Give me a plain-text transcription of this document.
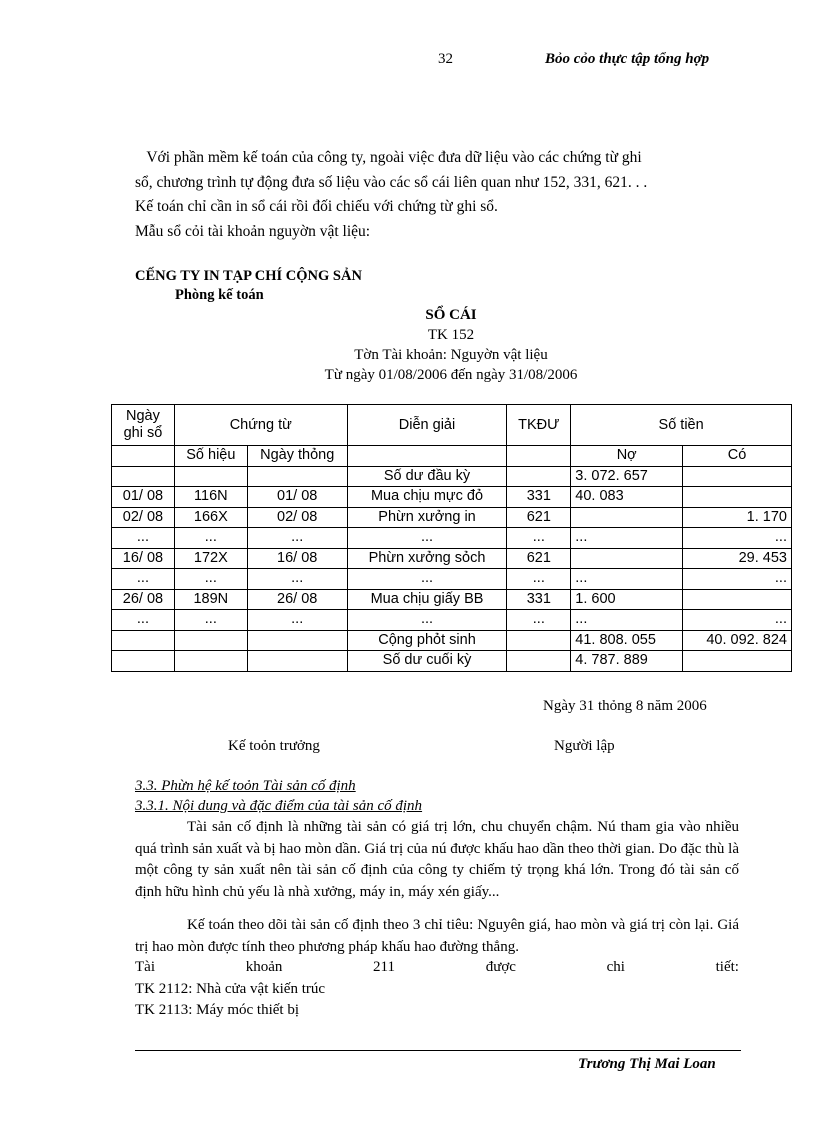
32	Bỏo cỏo thực tập tổng hợp
Với phần mềm kế toán của công ty, ngoài việc đưa dữ liệu vào các chứng từ ghi
sổ, chương trình tự động đưa số liệu vào các sổ cái liên quan như 152, 331, 621. . .
Kế toán chỉ cần in sổ cái rồi đối chiếu với chứng từ ghi sổ.
Mẫu sổ cỏi tài khoản nguyờn vật liệu:
CẾNG TY IN TẠP CHÍ CỘNG SẢN
Phòng kế toán
SỔ CÁI
TK 152
Tờn Tài khoản: Nguyờn vật liệu
Từ ngày 01/08/2006 đến ngày 31/08/2006
Ngày ghi sổ	Chứng từ		Diễn giải	TKĐƯ	Số tiền	
	Số hiệu	Ngày thỏng			Nợ	Có
			Số dư đầu kỳ		3. 072. 657	
01/ 08	116N	01/ 08	Mua chịu mực đỏ	331	40. 083	
02/ 08	166X	02/ 08	Phừn xưởng in	621		1. 170
...	...	...	...	...	...	...
16/ 08	172X	16/ 08	Phừn xưởng sỏch	621		29. 453
...	...	...	...	...	...	...
26/ 08	189N	26/ 08	Mua chịu giấy BB	331	1. 600	
...	...	...	...	...	...	...
			Cộng phỏt sinh		41. 808. 055	40. 092. 824
			Số dư cuối kỳ		4. 787. 889	
Ngày 31 thỏng 8 năm 2006
Kế toỏn trưởng	Người lập
3.3. Phừn hệ kế toỏn Tài sản cố định
3.3.1. Nội dung và đặc điểm của tài sản cố định
Tài sản cố định là những tài sản có giá trị lớn, chu chuyển chậm. Nú tham gia vào nhiều quá trình sản xuất và bị hao mòn dần. Giá trị của nú được khấu hao dần theo thời gian. Do đặc thù là một công ty sản xuất nên tài sản cố định của công ty chiếm tỷ trọng khá lớn. Trong đó tài sản cố định hữu hình chủ yếu là nhà xưởng, máy in, máy xén giấy...
Kế toán theo dõi tài sản cố định theo 3 chỉ tiêu: Nguyên giá, hao mòn và giá trị còn lại. Giá trị hao mòn được tính theo phương pháp khấu hao đường thẳng.
Tài	khoản	211	được	chi	tiết:
TK 2112: Nhà cửa vật kiến trúc
TK 2113: Máy móc thiết bị
Trương Thị Mai Loan
